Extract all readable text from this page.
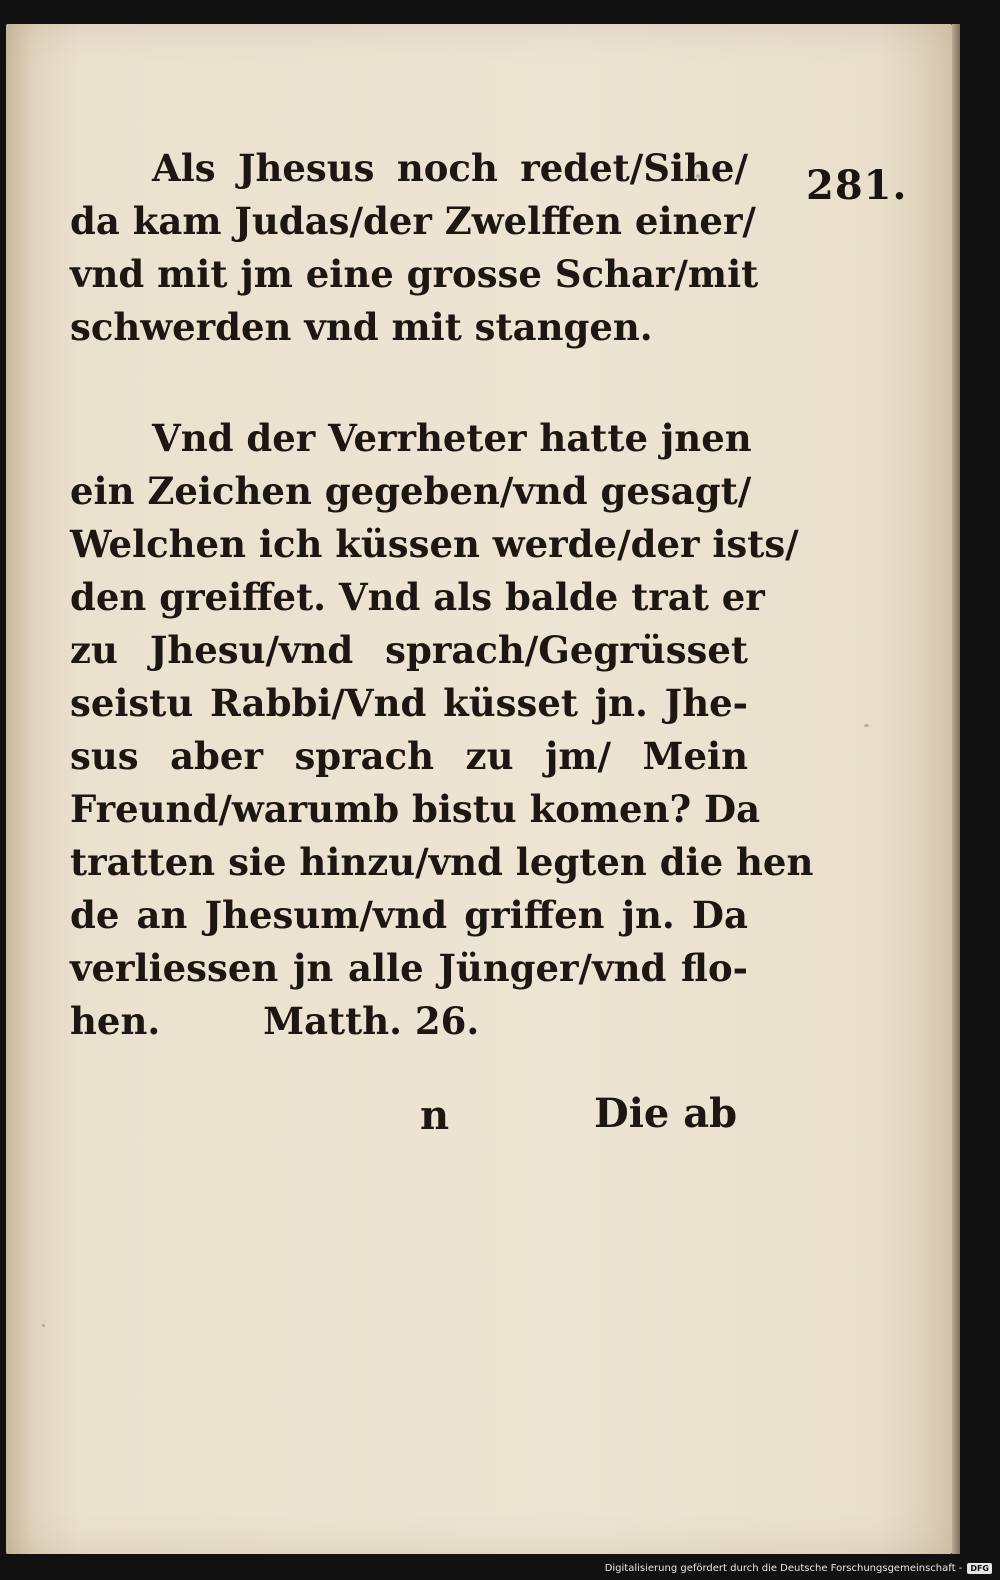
281.
Als Jhesus noch redet/Sihe/
da kam Judas/der Zwelffen einer/
vnd mit jm eine grosse Schar/mit
schwerden vnd mit stangen.
Vnd der Verrheter hatte jnen
ein Zeichen gegeben/vnd gesagt/
Welchen ich küssen werde/der ists/
den greiffet. Vnd als balde trat er
zu Jhesu/vnd sprach/Gegrüsset
seistu Rabbi/Vnd küsset jn. Jhe-
sus aber sprach zu jm/ Mein
Freund/warumb bistu komen? Da
tratten sie hinzu/vnd legten die hen
de an Jhesum/vnd griffen jn. Da
verliessen jn alle Jünger/vnd flo-
hen.	Matth. 26.
n	Die ab
Digitalisierung gefördert durch die Deutsche Forschungsgemeinschaft -	DFG
